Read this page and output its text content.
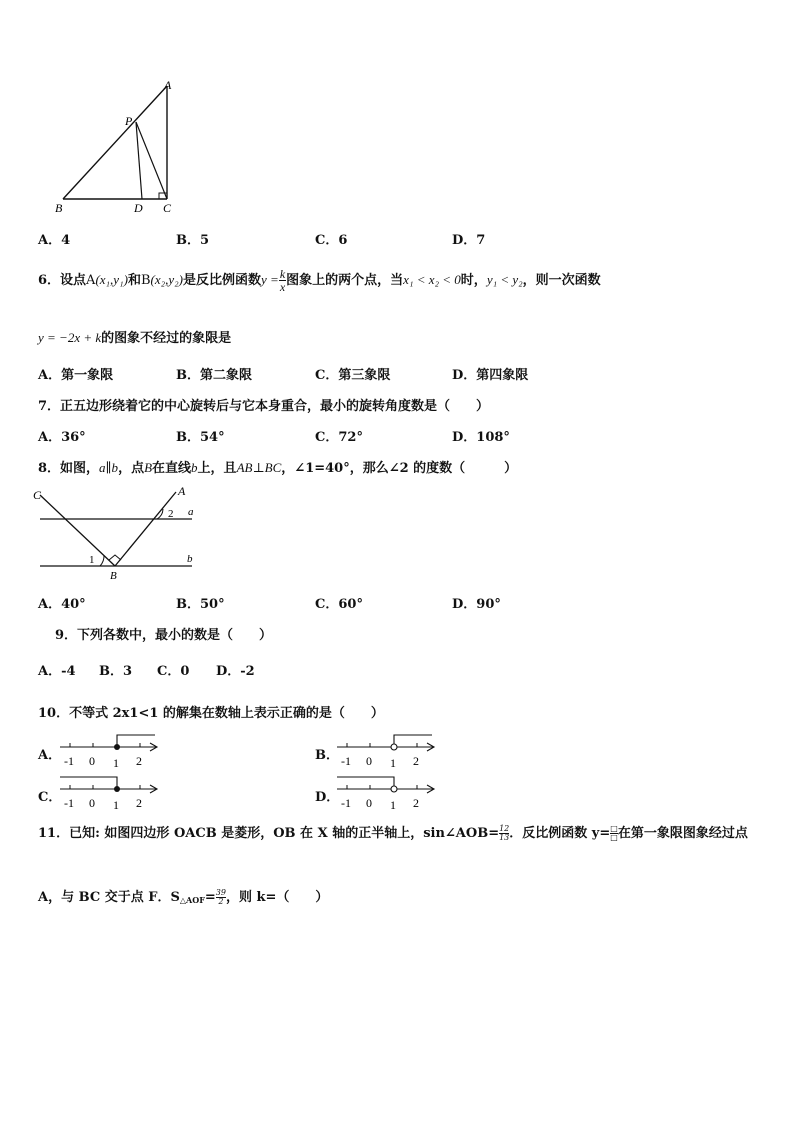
A
P
B	D C
A．4	B．5	C．6	D．7
6．设点A(x₁,y₁)和B(x₂,y₂)是反比例函数$y = \frac{k}{x}$ 图象上的两个点，当x₁ < x₂ < 0时，y₁ < y₂，则一次函数
y = −2x + k的图象不经过的象限是
A．第一象限	B．第二象限	C．第三象限	D．第四象限
7．正五边形绕着它的中心旋转后与它本身重合，最小的旋转角度数是（　　）
A．36°	B．54°	C．72°	D．108°
8．如图，a∥b，点B在直线b上，且AB⊥BC，∠1=40°，那么∠2 的度数（　　　）
C	A
2 a
1
B
b
A．40°	B．50°	C．60°	D．90°
9．下列各数中，最小的数是（　　）
A．-4 B．3 C．0 D．-2
10．不等式 2x1<1 的解集在数轴上表示正确的是（　　）
A． -1 0 1 2	B． -1 0 1 2
C． -1 0 1 2	D． -1 0 1 2
11．已知: 如图四边形 OACB 是菱形，OB 在 X 轴的正半轴上，sin∠AOB= $\frac{12}{13}$ ．反比例函数 $y= \frac{□}{□}$ 在第一象限图象经过点
A，与 BC 交于点 F．S△AOF= $\frac{39}{2}$ ，则 k=（　　）
